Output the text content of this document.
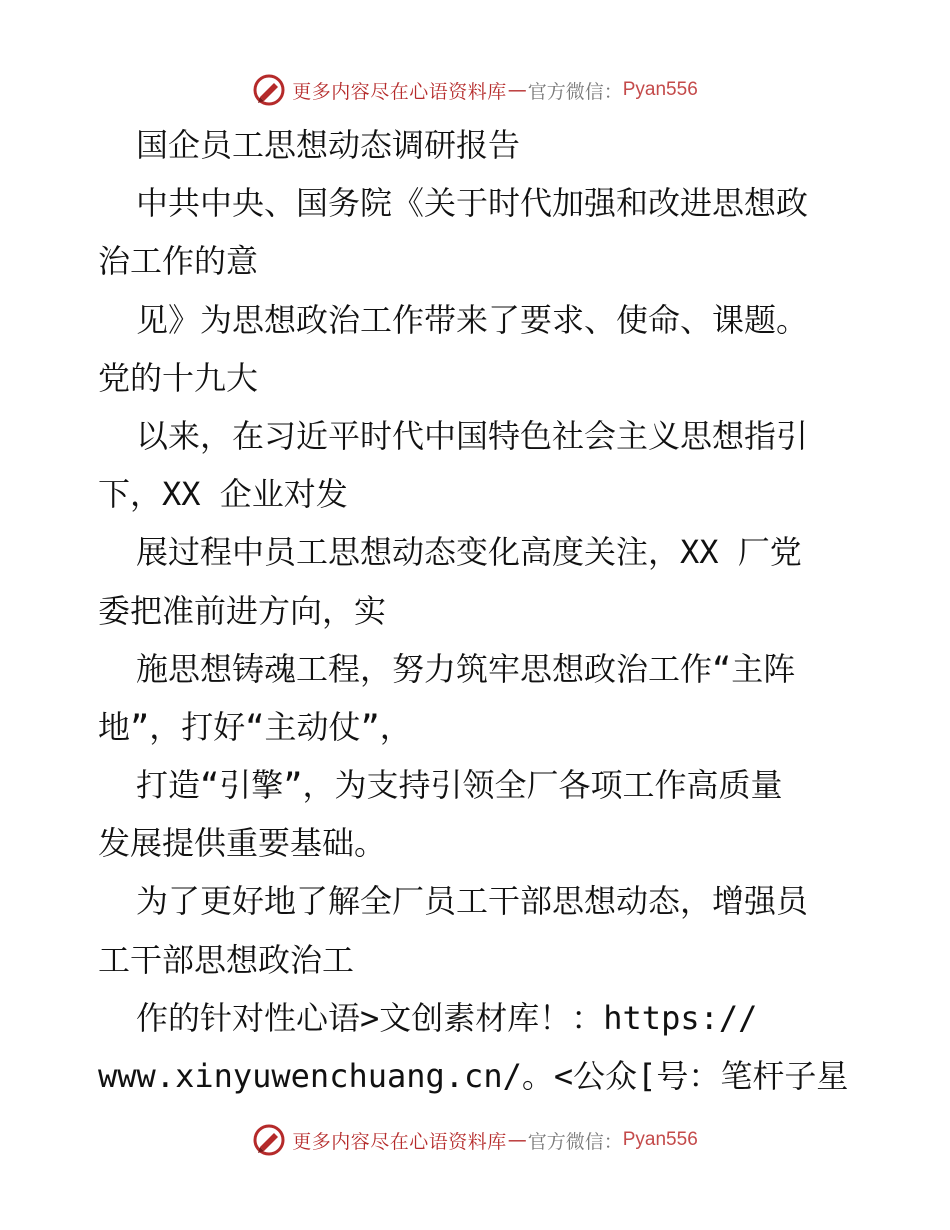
更多内容尽在心语资料库 — 官方微信： Pyan556
国企员工思想动态调研报告
中共中央、国务院《关于时代加强和改进思想政
治工作的意
见》为思想政治工作带来了要求、使命、课题。
党的十九大
以来，在习近平时代中国特色社会主义思想指引
下，XX 企业对发
展过程中员工思想动态变化高度关注，XX 厂党
委把准前进方向，实
施思想铸魂工程，努力筑牢思想政治工作“主阵
地”，打好“主动仗”，
打造“引擎”，为支持引领全厂各项工作高质量
发展提供重要基础。
为了更好地了解全厂员工干部思想动态，增强员
工干部思想政治工
作的针对性心语>文创素材库！：https://
www.xinyuwenchuang.cn/。<公众[号：笔杆子星
更多内容尽在心语资料库 — 官方微信： Pyan556
